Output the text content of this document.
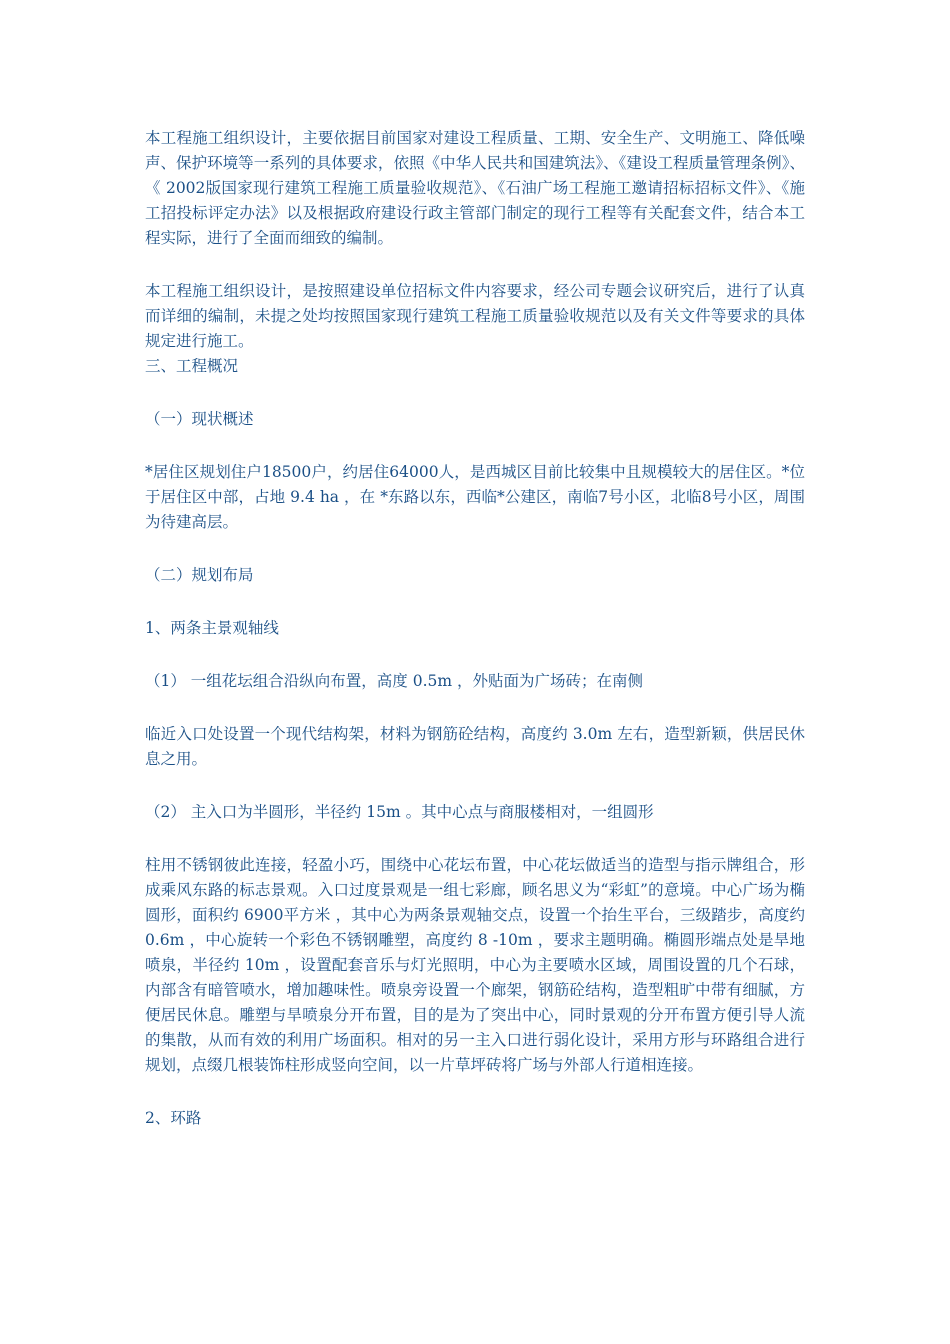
本工程施工组织设计，主要依据目前国家对建设工程质量、工期、安全生产、文明施工、降低噪声、保护环境等一系列的具体要求，依照《中华人民共和国建筑法》、《建设工程质量管理条例》、《 2002版国家现行建筑工程施工质量验收规范》、《石油广场工程施工邀请招标招标文件》、《施工招投标评定办法》以及根据政府建设行政主管部门制定的现行工程等有关配套文件，结合本工程实际，进行了全面而细致的编制。

本工程施工组织设计，是按照建设单位招标文件内容要求，经公司专题会议研究后，进行了认真而详细的编制，未提之处均按照国家现行建筑工程施工质量验收规范以及有关文件等要求的具体规定进行施工。

三、工程概况

（一）现状概述

*居住区规划住户18500户，约居住64000人，是西城区目前比较集中且规模较大的居住区。*位于居住区中部，占地 9.4 ha ，在 *东路以东，西临*公建区，南临7号小区，北临8号小区，周围为待建高层。

（二）规划布局

1、两条主景观轴线

（1） 一组花坛组合沿纵向布置，高度 0.5m ，外贴面为广场砖；在南侧

临近入口处设置一个现代结构架，材料为钢筋砼结构，高度约 3.0m 左右，造型新颖，供居民休息之用。

（2） 主入口为半圆形，半径约 15m 。其中心点与商服楼相对，一组圆形

柱用不锈钢彼此连接，轻盈小巧，围绕中心花坛布置，中心花坛做适当的造型与指示牌组合，形成乘风东路的标志景观。入口过度景观是一组七彩廊，顾名思义为“彩虹”的意境。中心广场为椭圆形，面积约 6900平方米 ，其中心为两条景观轴交点，设置一个抬生平台，三级踏步，高度约 0.6m ，中心旋转一个彩色不锈钢雕塑，高度约 8 -10m ，要求主题明确。椭圆形端点处是旱地喷泉，半径约 10m ，设置配套音乐与灯光照明，中心为主要喷水区域，周围设置的几个石球，内部含有暗管喷水，增加趣味性。喷泉旁设置一个廊架，钢筋砼结构，造型粗旷中带有细腻，方便居民休息。雕塑与旱喷泉分开布置，目的是为了突出中心，同时景观的分开布置方便引导人流的集散，从而有效的利用广场面积。相对的另一主入口进行弱化设计，采用方形与环路组合进行规划，点缀几根装饰柱形成竖向空间，以一片草坪砖将广场与外部人行道相连接。

2、环路
